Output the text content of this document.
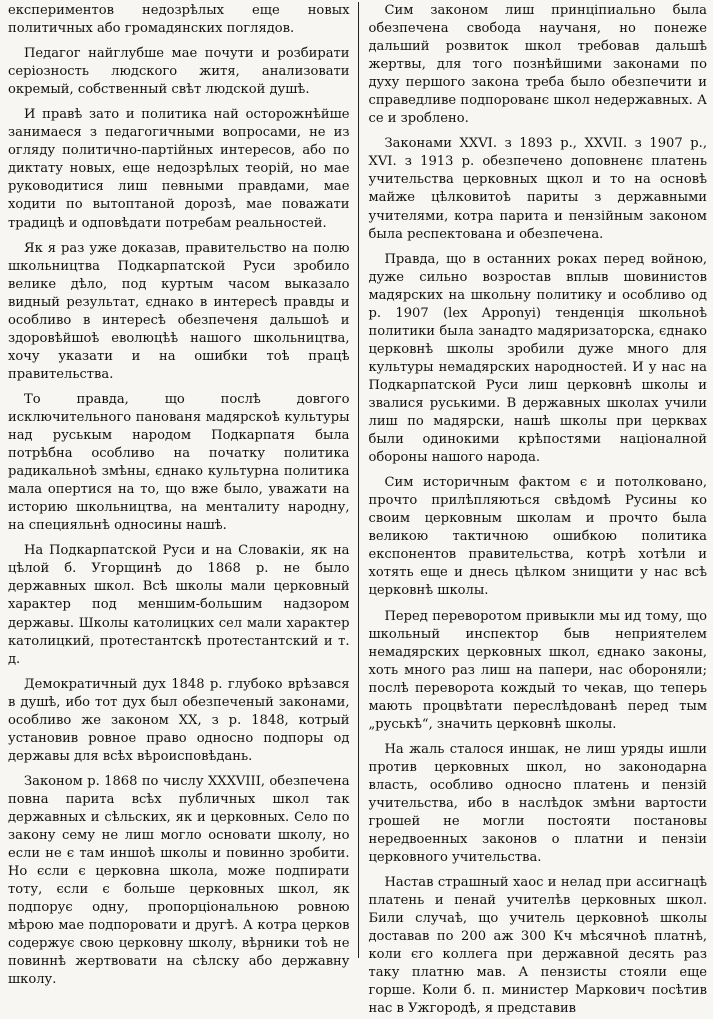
експериментов недозрѣлых еще новых политичных або громадянских поглядов.

Педагог найглубше мае почути и розбирати серіозность людского житя, анализовати окремый, собственный свѣт людской душѣ.

И правѣ зато и политика най осторожнѣйше занимаеся з педагогичными вопросами, не из огляду политично-партійных интересов, або по диктату новых, еще недозрѣлых теорій, но мае руководитися лиш певными правдами, мае ходити по вытоптаной дорозѣ, мае поважати традицѣ и одповѣдати потребам реальностей.

Як я раз уже доказав, правительство на полю школьництва Подкарпатской Руси зробило велике дѣло, под куртым часом выказало видный результат, єднако в интересѣ правды и особливо в интересѣ обезпеченя дальшоѣ и здоровѣйшоѣ еволюцѣѣ нашого школьництва, хочу указати и на ошибки тоѣ працѣ правительства.

То правда, що послѣ довгого исключительного панованя мадярскоѣ культуры над руськым народом Подкарпатя была потрѣбна особливо на початку политика радикальноѣ змѣны, єднако культурна политика мала опертися на то, що вже было, уважати на историю школьництва, на менталиту народну, на специяльнѣ односины нашѣ.

На Подкарпатской Руси и на Словакіи, як на цѣлой б. Угорщинѣ до 1868 р. не было державных школ. Всѣ школы мали церковный характер под меншим-большим надзором державы. Школы католицких сел мали характер католицкий, протестантскѣ протестантский и т. д.

Демократичный дух 1848 р. глубоко врѣзався в душѣ, ибо тот дух был обезпеченый законами, особливо же законом XX, з р. 1848, котрый установив ровное право односно подпоры од державы для всѣх вѣроисповѣдань.

Законом р. 1868 по числу XXXVIII, обезпечена повна парита всѣх публичных школ так державных и сѣльских, як и церковных. Село по закону сему не лиш могло основати школу, но если не є там иншоѣ школы и повинно зробити. Но єсли є церковна школа, може подпирати тоту, єсли є больше церковных школ, як подпорує одну, пропорціональною ровною мѣрою мае подпоровати и другѣ. А котра церков содержує свою церковну школу, вѣрники тоѣ не повиннѣ жертвовати на сѣлску або державну школу.

Сим законом лиш принціпиально была обезпечена свобода научаня, но понеже дальший розвиток школ требовав дальшѣ жертвы, для того познѣйшими законами по духу першого закона треба было обезпечити и справедливе подпорованє школ недержавных. А се и зроблено.

Законами XXVI. з 1893 р., XXVII. з 1907 р., XVI. з 1913 р. обезпечено доповненє платень учительства церковных щкол и то на основѣ майже цѣлковитоѣ париты з державными учителями, котра парита и пензійным законом была респектована и обезпечена.

Правда, що в останних роках перед войною, дуже сильно возростав вплыв шовинистов мадярских на школьну политику и особливо од р. 1907 (lex Apponyi) тенденція школьноѣ политики была занадто мадяризаторска, єднако церковнѣ школы зробили дуже много для культуры немадярских народностей. И у нас на Подкарпатской Руси лиш церковнѣ школы и звалися руськими. В державных школах учили лиш по мадярски, нашѣ школы при церквах были одинокими крѣпостями націоналной обороны нашого народа.

Сим историчным фактом є и потолковано, прочто прилѣпляються свѣдомѣ Русины ко своим церковным школам и прочто была великою тактичною ошибкою политика експонентов правительства, котрѣ хотѣли и хотять еще и днесь цѣлком знищити у нас всѣ церковнѣ школы.

Перед переворотом привыкли мы ид тому, що школьный инспектор быв неприятелем немадярских церковных школ, єднако законы, хоть много раз лиш на папери, нас обороняли; послѣ переворота кождый то чекав, що теперь мають процвѣтати переслѣдованѣ перед тым „руськѣ“, значить церковнѣ школы.

На жаль сталося иншак, не лиш уряды ишли против церковных школ, но законодарна власть, особливо односно платень и пензій учительства, ибо в наслѣдок змѣни вартости грошей не могли постояти постановы нередвоенных законов о платни и пензіи церковного учительства.

Настав страшный хаос и нелад при ассигнацѣ платень и пенай учителѣв церковных школ. Били случаѣ, що учитель церковноѣ школы доставав по 200 аж 300 Кч мѣсячноѣ платнѣ, коли єго коллега при державной десять раз таку платню мав. А пензисты стояли еще горше. Коли б. п. министер Маркович посѣтив нас в Ужгородѣ, я представив
